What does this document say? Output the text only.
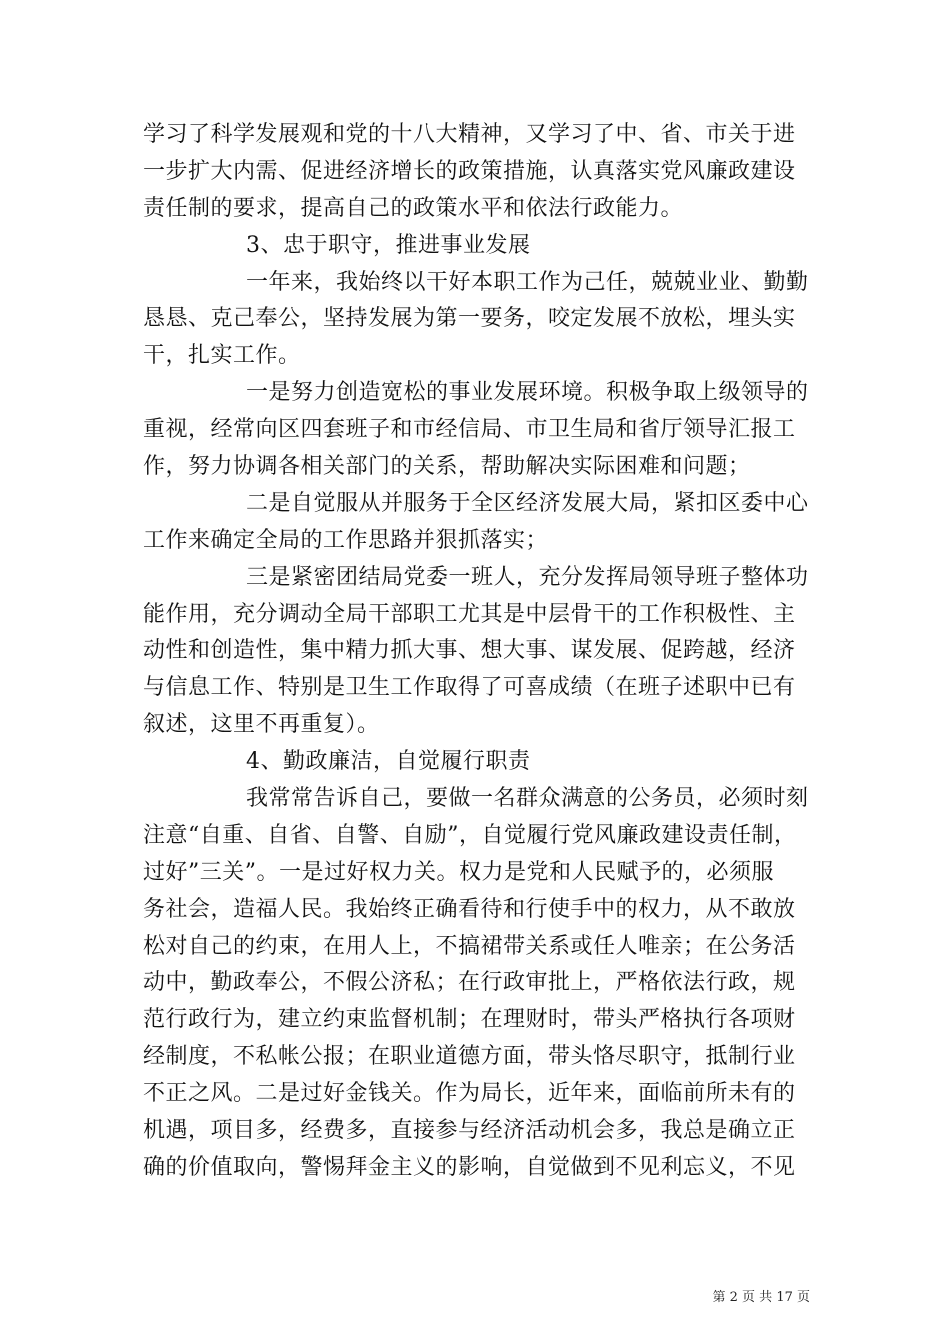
学习了科学发展观和党的十八大精神，又学习了中、省、市关于进
一步扩大内需、促进经济增长的政策措施，认真落实党风廉政建设
责任制的要求，提高自己的政策水平和依法行政能力。
3、忠于职守，推进事业发展
一年来，我始终以干好本职工作为己任，兢兢业业、勤勤
恳恳、克己奉公，坚持发展为第一要务，咬定发展不放松，埋头实
干，扎实工作。
一是努力创造宽松的事业发展环境。积极争取上级领导的
重视，经常向区四套班子和市经信局、市卫生局和省厅领导汇报工
作，努力协调各相关部门的关系，帮助解决实际困难和问题；
二是自觉服从并服务于全区经济发展大局，紧扣区委中心
工作来确定全局的工作思路并狠抓落实；
三是紧密团结局党委一班人，充分发挥局领导班子整体功
能作用，充分调动全局干部职工尤其是中层骨干的工作积极性、主
动性和创造性，集中精力抓大事、想大事、谋发展、促跨越，经济
与信息工作、特别是卫生工作取得了可喜成绩（在班子述职中已有
叙述，这里不再重复）。
4、勤政廉洁，自觉履行职责
我常常告诉自己，要做一名群众满意的公务员，必须时刻
注意“自重、自省、自警、自励”，自觉履行党风廉政建设责任制，
过好”三关”。一是过好权力关。权力是党和人民赋予的，必须服
务社会，造福人民。我始终正确看待和行使手中的权力，从不敢放
松对自己的约束，在用人上，不搞裙带关系或任人唯亲；在公务活
动中，勤政奉公，不假公济私；在行政审批上，严格依法行政，规
范行政行为，建立约束监督机制；在理财时，带头严格执行各项财
经制度，不私帐公报；在职业道德方面，带头恪尽职守，抵制行业
不正之风。二是过好金钱关。作为局长，近年来，面临前所未有的
机遇，项目多，经费多，直接参与经济活动机会多，我总是确立正
确的价值取向，警惕拜金主义的影响，自觉做到不见利忘义，不见
第 2 页 共 17 页
